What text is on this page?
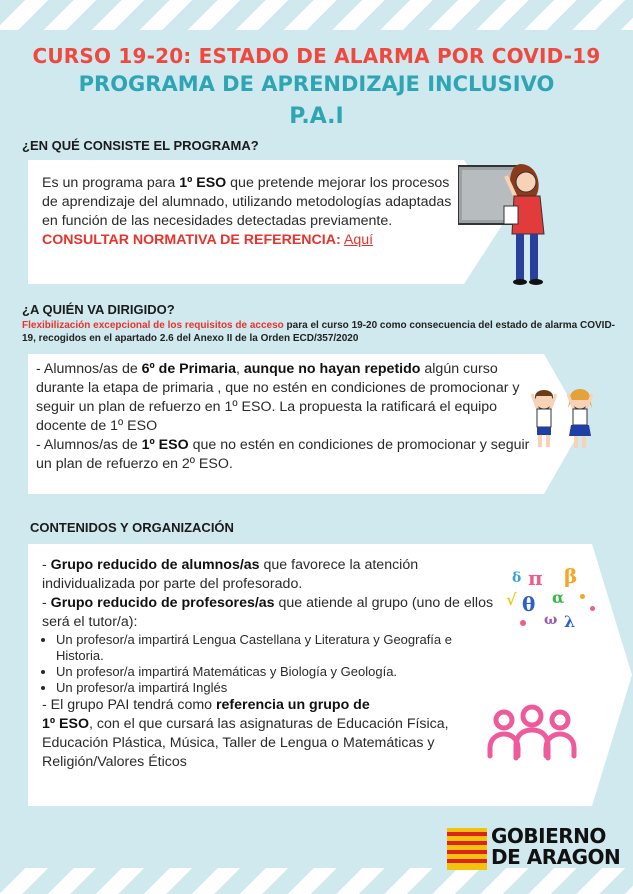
CURSO 19-20: ESTADO DE ALARMA POR COVID-19
PROGRAMA DE APRENDIZAJE INCLUSIVO
P.A.I
¿EN QUÉ CONSISTE EL PROGRAMA?
Es un programa para 1º ESO que pretende mejorar los procesos de aprendizaje del alumnado, utilizando metodologías adaptadas en función de las necesidades detectadas previamente.
CONSULTAR NORMATIVA DE REFERENCIA: Aquí
¿A QUIÉN VA DIRIGIDO?
Flexibilización excepcional de los requisitos de acceso para el curso 19-20 como consecuencia del estado de alarma COVID-19, recogidos en el apartado 2.6 del Anexo II de la Orden ECD/357/2020
- Alumnos/as de 6º de Primaria, aunque no hayan repetido algún curso durante la etapa de primaria , que no estén en condiciones de promocionar y seguir un plan de refuerzo en 1º ESO. La propuesta la ratificará el equipo docente de 1º ESO
- Alumnos/as de 1º ESO que no estén en condiciones de promocionar y seguir un plan de refuerzo en 2º ESO.
CONTENIDOS Y ORGANIZACIÓN
- Grupo reducido de alumnos/as que favorece la atención individualizada por parte del profesorado.
- Grupo reducido de profesores/as que atiende al grupo (uno de ellos será el tutor/a):
• Un profesor/a impartirá Lengua Castellana y Literatura y Geografía e Historia.
• Un profesor/a impartirá Matemáticas y Biología y Geología.
• Un profesor/a impartirá Inglés
- El grupo PAI tendrá como referencia un grupo de
1º ESO, con el que cursará las asignaturas de Educación Física, Educación Plástica, Música, Taller de Lengua o Matemáticas y Religión/Valores Éticos
δ π β
√ θ α
ω λ
GOBIERNO
DE ARAGON
